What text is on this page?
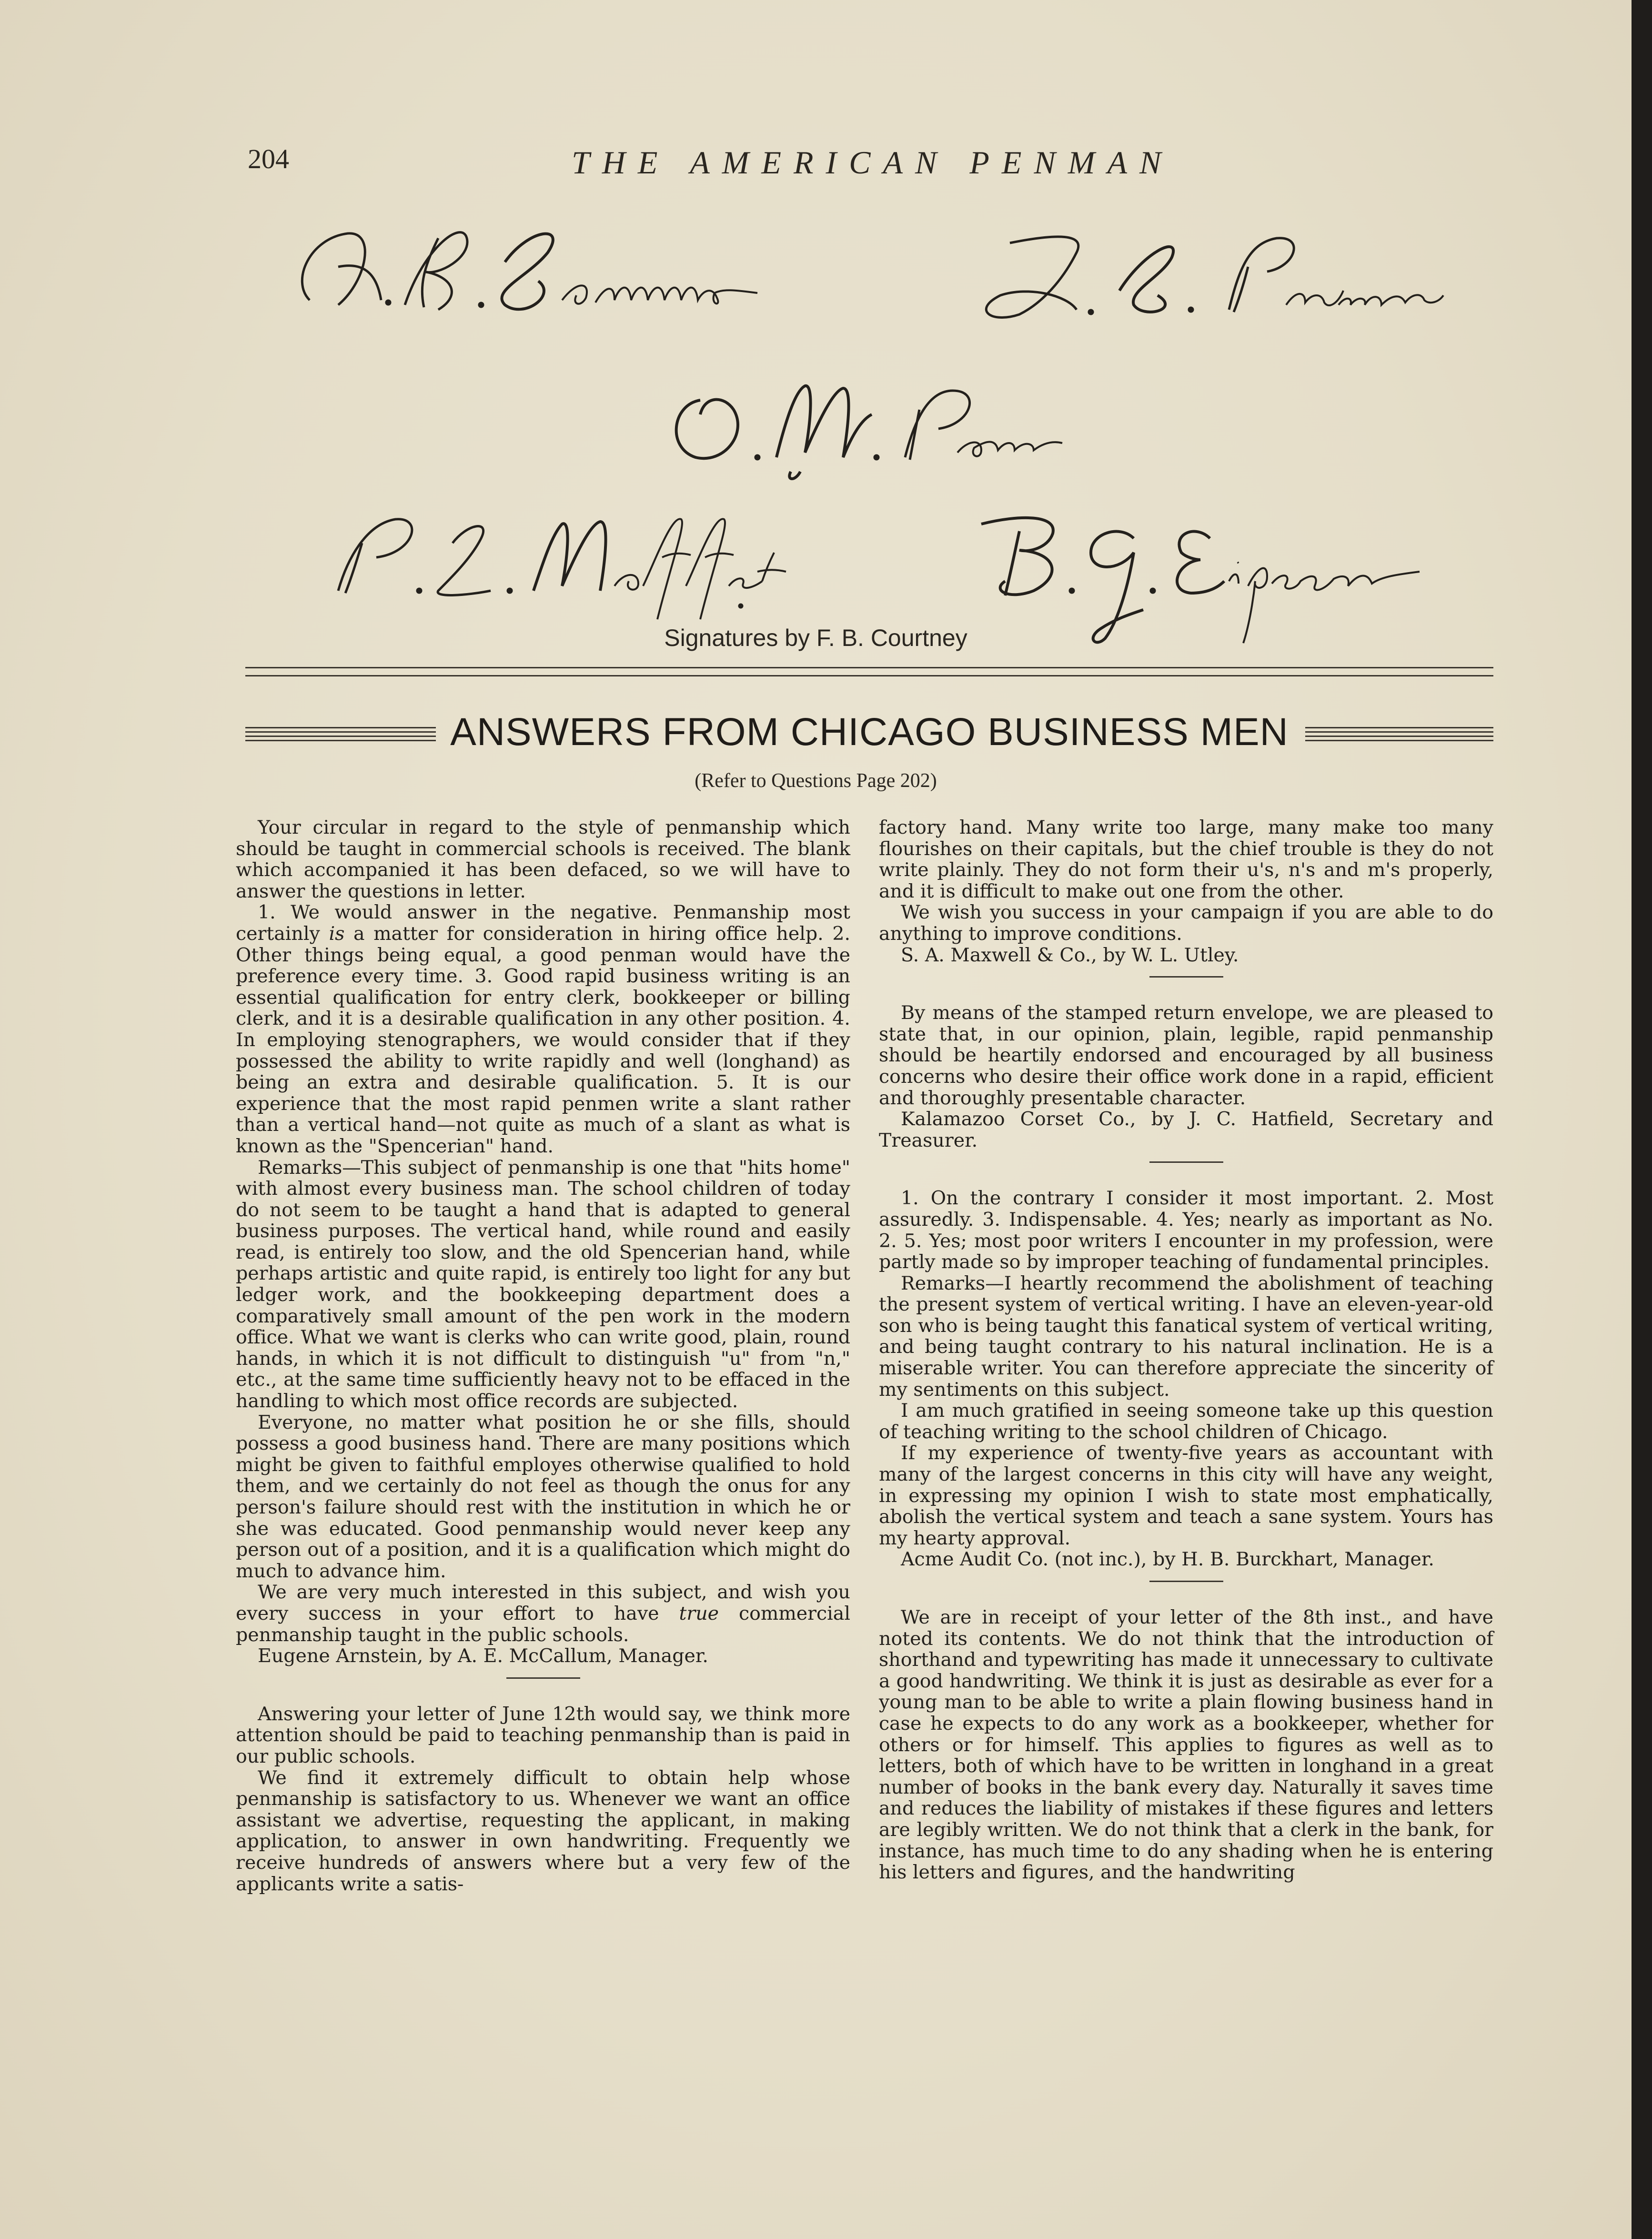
204	THE AMERICAN PENMAN
Signatures by F. B. Courtney
ANSWERS FROM CHICAGO BUSINESS MEN
(Refer to Questions Page 202)

Your circular in regard to the style of penmanship which should be taught in commercial schools is received. The blank which accompanied it has been defaced, so we will have to answer the questions in letter.

1. We would answer in the negative. Penmanship most certainly is a matter for consideration in hiring office help. 2. Other things being equal, a good penman would have the preference every time. 3. Good rapid business writing is an essential qualification for entry clerk, bookkeeper or billing clerk, and it is a desirable qualification in any other position. 4. In employing stenographers, we would consider that if they possessed the ability to write rapidly and well (longhand) as being an extra and desirable qualification. 5. It is our experience that the most rapid penmen write a slant rather than a vertical hand—not quite as much of a slant as what is known as the "Spencerian" hand.

Remarks—This subject of penmanship is one that "hits home" with almost every business man. The school children of today do not seem to be taught a hand that is adapted to general business purposes. The vertical hand, while round and easily read, is entirely too slow, and the old Spencerian hand, while perhaps artistic and quite rapid, is entirely too light for any but ledger work, and the bookkeeping department does a comparatively small amount of the pen work in the modern office. What we want is clerks who can write good, plain, round hands, in which it is not difficult to distinguish "u" from "n," etc., at the same time sufficiently heavy not to be effaced in the handling to which most office records are subjected.

Everyone, no matter what position he or she fills, should possess a good business hand. There are many positions which might be given to faithful employes otherwise qualified to hold them, and we certainly do not feel as though the onus for any person's failure should rest with the institution in which he or she was educated. Good penmanship would never keep any person out of a position, and it is a qualification which might do much to advance him.

We are very much interested in this subject, and wish you every success in your effort to have true commercial penmanship taught in the public schools.

Eugene Arnstein, by A. E. McCallum, Manager.

Answering your letter of June 12th would say, we think more attention should be paid to teaching penmanship than is paid in our public schools.

We find it extremely difficult to obtain help whose penmanship is satisfactory to us. Whenever we want an office assistant we advertise, requesting the applicant, in making application, to answer in own handwriting. Frequently we receive hundreds of answers where but a very few of the applicants write a satis-

factory hand. Many write too large, many make too many flourishes on their capitals, but the chief trouble is they do not write plainly. They do not form their u's, n's and m's properly, and it is difficult to make out one from the other.

We wish you success in your campaign if you are able to do anything to improve conditions.

S. A. Maxwell & Co., by W. L. Utley.

By means of the stamped return envelope, we are pleased to state that, in our opinion, plain, legible, rapid penmanship should be heartily endorsed and encouraged by all business concerns who desire their office work done in a rapid, efficient and thoroughly presentable character.

Kalamazoo Corset Co., by J. C. Hatfield, Secretary and Treasurer.

1. On the contrary I consider it most important. 2. Most assuredly. 3. Indispensable. 4. Yes; nearly as important as No. 2. 5. Yes; most poor writers I encounter in my profession, were partly made so by improper teaching of fundamental principles.

Remarks—I heartly recommend the abolishment of teaching the present system of vertical writing. I have an eleven-year-old son who is being taught this fanatical system of vertical writing, and being taught contrary to his natural inclination. He is a miserable writer. You can therefore appreciate the sincerity of my sentiments on this subject.

I am much gratified in seeing someone take up this question of teaching writing to the school children of Chicago.

If my experience of twenty-five years as accountant with many of the largest concerns in this city will have any weight, in expressing my opinion I wish to state most emphatically, abolish the vertical system and teach a sane system. Yours has my hearty approval.

Acme Audit Co. (not inc.), by H. B. Burckhart, Manager.

We are in receipt of your letter of the 8th inst., and have noted its contents. We do not think that the introduction of shorthand and typewriting has made it unnecessary to cultivate a good handwriting. We think it is just as desirable as ever for a young man to be able to write a plain flowing business hand in case he expects to do any work as a bookkeeper, whether for others or for himself. This applies to figures as well as to letters, both of which have to be written in longhand in a great number of books in the bank every day. Naturally it saves time and reduces the liability of mistakes if these figures and letters are legibly written. We do not think that a clerk in the bank, for instance, has much time to do any shading when he is entering his letters and figures, and the handwriting
